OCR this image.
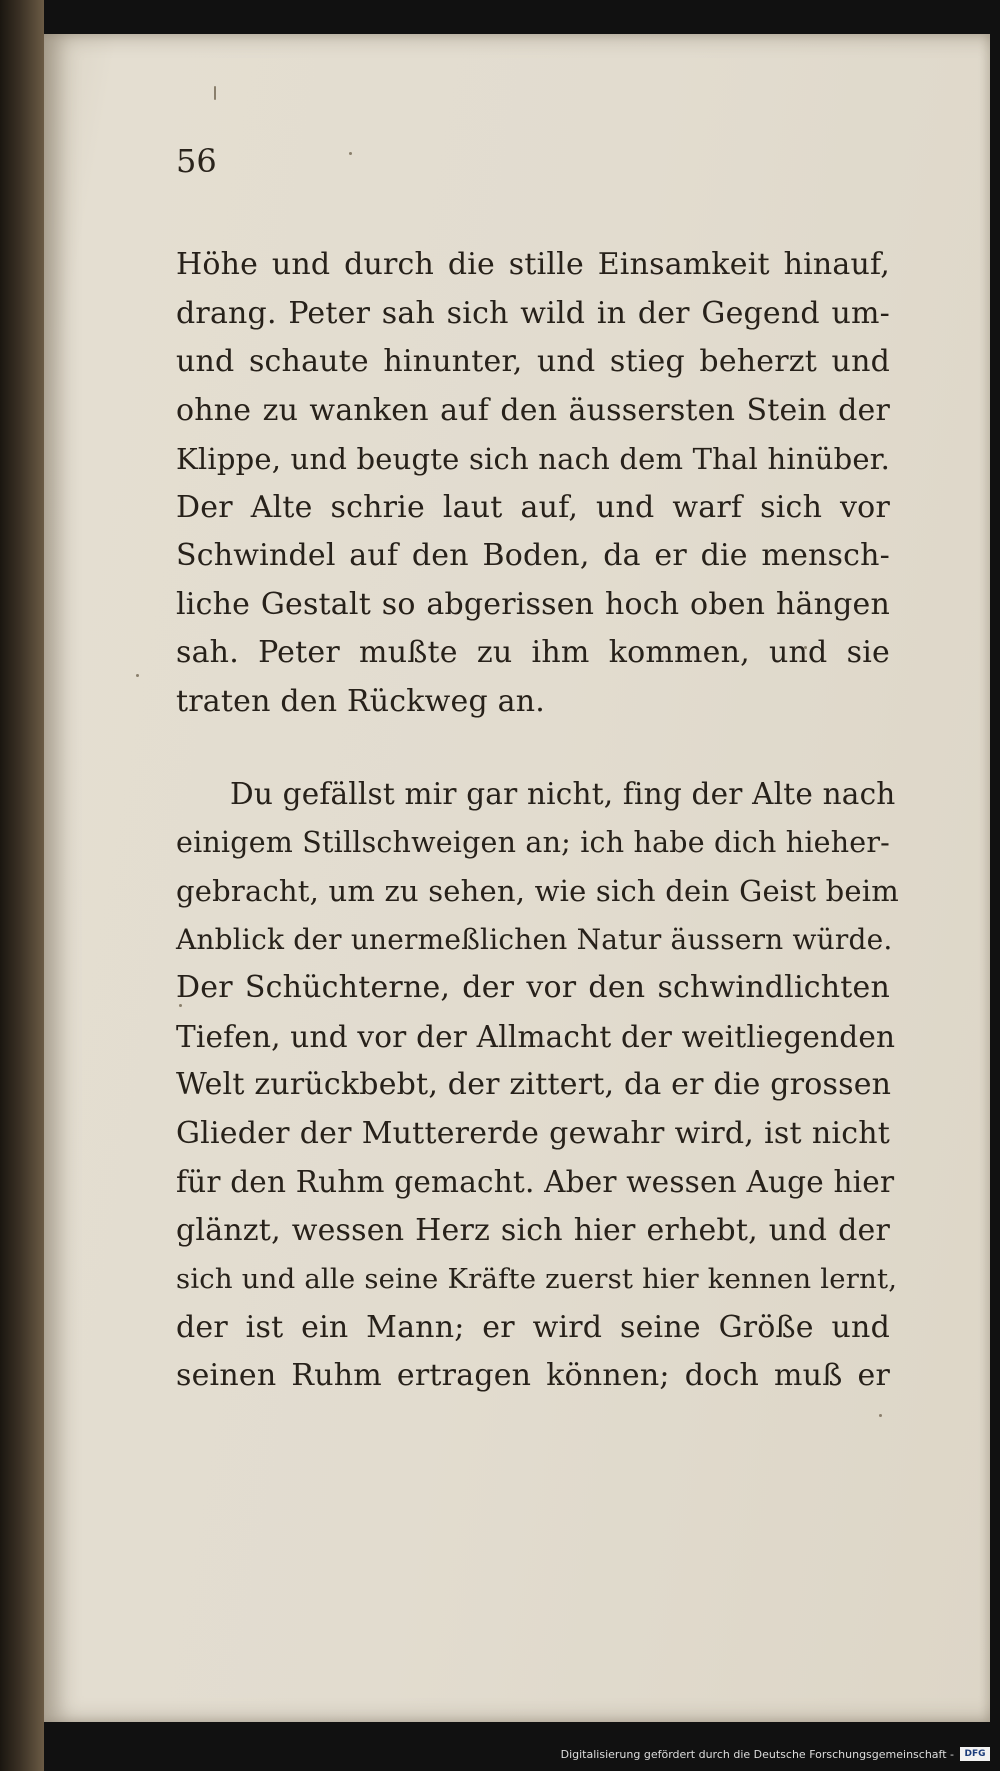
56
Höhe und durch die stille Einsamkeit hinauf,
drang. Peter sah sich wild in der Gegend um-
und schaute hinunter, und stieg beherzt und
ohne zu wanken auf den äussersten Stein der
Klippe, und beugte sich nach dem Thal hinüber.
Der Alte schrie laut auf, und warf sich vor
Schwindel auf den Boden, da er die mensch-
liche Gestalt so abgerissen hoch oben hängen
sah. Peter mußte zu ihm kommen, und sie
traten den Rückweg an.
Du gefällst mir gar nicht, fing der Alte nach
einigem Stillschweigen an; ich habe dich hieher-
gebracht, um zu sehen, wie sich dein Geist beim
Anblick der unermeßlichen Natur äussern würde.
Der Schüchterne, der vor den schwindlichten
Tiefen, und vor der Allmacht der weitliegenden
Welt zurückbebt, der zittert, da er die grossen
Glieder der Muttererde gewahr wird, ist nicht
für den Ruhm gemacht. Aber wessen Auge hier
glänzt, wessen Herz sich hier erhebt, und der
sich und alle seine Kräfte zuerst hier kennen lernt,
der ist ein Mann; er wird seine Größe und
seinen Ruhm ertragen können; doch muß er
Digitalisierung gefördert durch die Deutsche Forschungsgemeinschaft -	DFG
